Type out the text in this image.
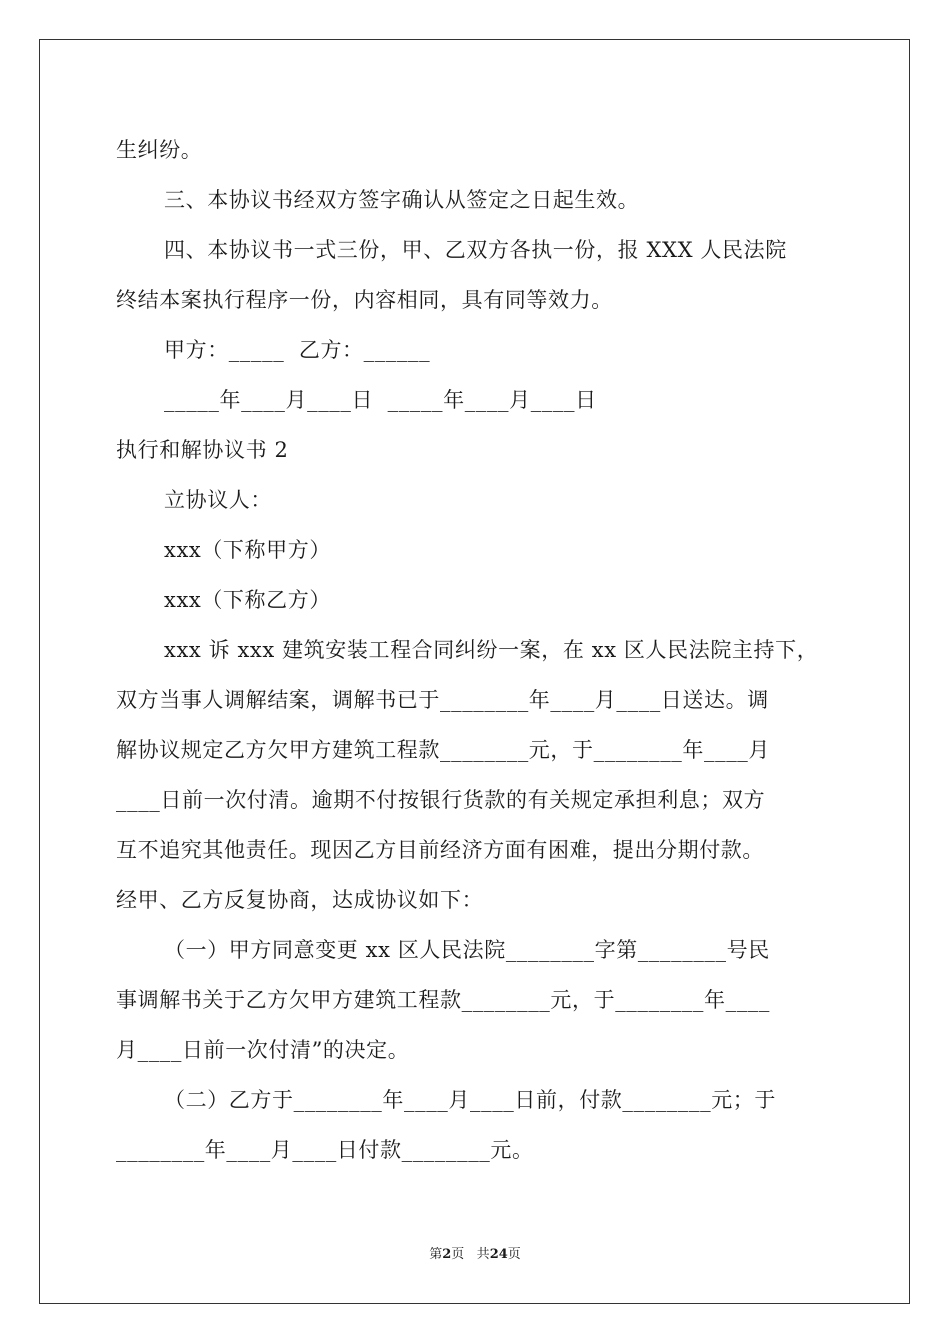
生纠纷。
三、本协议书经双方签字确认从签定之日起生效。
四、本协议书一式三份，甲、乙双方各执一份，报 XXX 人民法院
终结本案执行程序一份，内容相同，具有同等效力。
甲方：_____  乙方：______
_____年____月____日  _____年____月____日
执行和解协议书 2
立协议人：
xxx（下称甲方）
xxx（下称乙方）
xxx 诉 xxx 建筑安装工程合同纠纷一案，在 xx 区人民法院主持下，
双方当事人调解结案，调解书已于________年____月____日送达。调
解协议规定乙方欠甲方建筑工程款________元，于________年____月
____日前一次付清。逾期不付按银行货款的有关规定承担利息；双方
互不追究其他责任。现因乙方目前经济方面有困难，提出分期付款。
经甲、乙方反复协商，达成协议如下：
（一）甲方同意变更 xx 区人民法院________字第________号民
事调解书关于乙方欠甲方建筑工程款________元，于________年____
月____日前一次付清”的决定。
（二）乙方于________年____月____日前，付款________元；于
________年____月____日付款________元。
第2页 共24页
